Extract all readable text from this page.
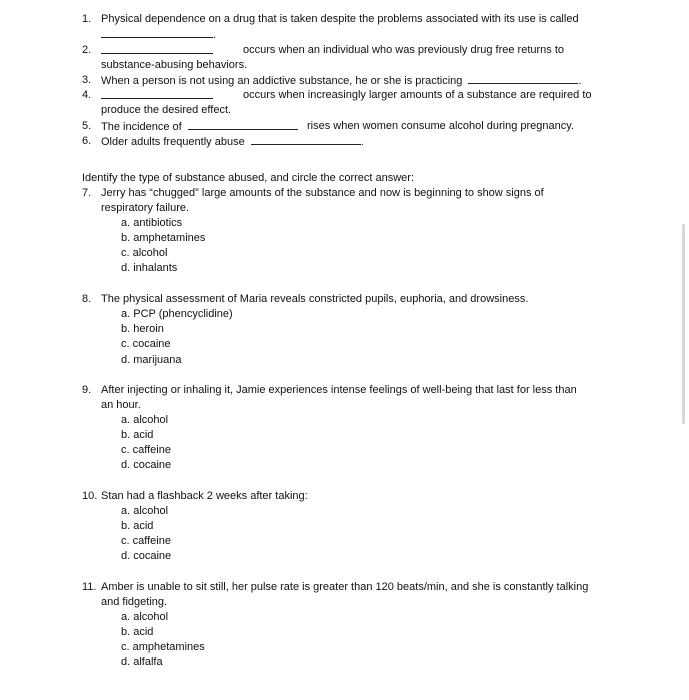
1. Physical dependence on a drug that is taken despite the problems associated with its use is called
.
2.	occurs when an individual who was previously drug free returns to
substance-abusing behaviors.
3. When a person is not using an addictive substance, he or she is practicing	.
4.	occurs when increasingly larger amounts of a substance are required to
produce the desired effect.
5. The incidence of	rises when women consume alcohol during pregnancy.
6. Older adults frequently abuse	.
Identify the type of substance abused, and circle the correct answer:
7. Jerry has “chugged” large amounts of the substance and now is beginning to show signs of
respiratory failure.
a. antibiotics
b. amphetamines
c. alcohol
d. inhalants
8. The physical assessment of Maria reveals constricted pupils, euphoria, and drowsiness.
a. PCP (phencyclidine)
b. heroin
c. cocaine
d. marijuana
9. After injecting or inhaling it, Jamie experiences intense feelings of well-being that last for less than
an hour.
a. alcohol
b. acid
c. caffeine
d. cocaine
10. Stan had a flashback 2 weeks after taking:
a. alcohol
b. acid
c. caffeine
d. cocaine
11. Amber is unable to sit still, her pulse rate is greater than 120 beats/min, and she is constantly talking
and fidgeting.
a. alcohol
b. acid
c. amphetamines
d. alfalfa
